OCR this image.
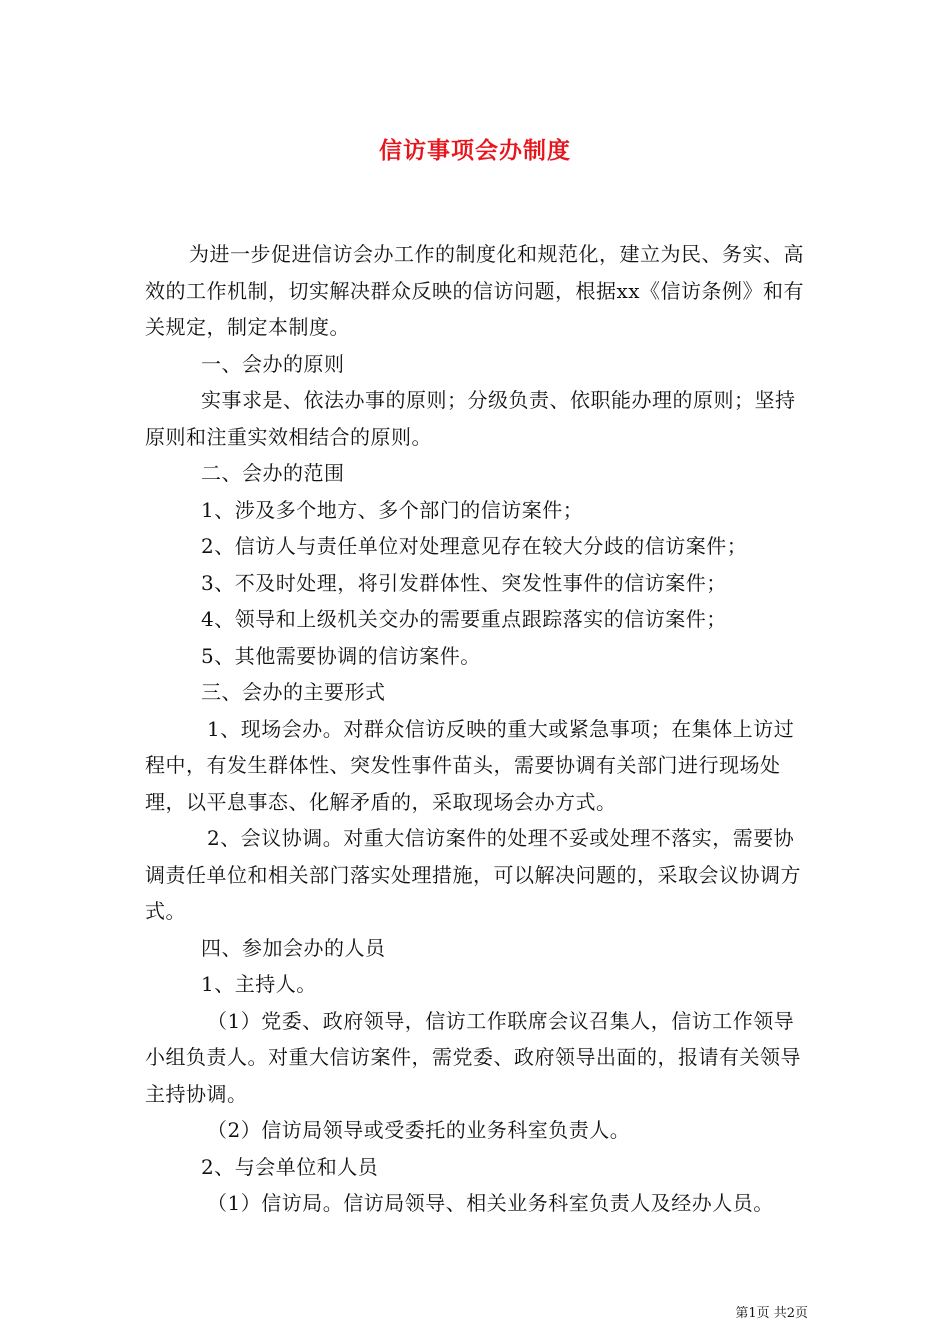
信访事项会办制度

为进一步促进信访会办工作的制度化和规范化，建立为民、务实、高效的工作机制，切实解决群众反映的信访问题，根据xx《信访条例》和有关规定，制定本制度。

一、会办的原则

实事求是、依法办事的原则；分级负责、依职能办理的原则；坚持原则和注重实效相结合的原则。

二、会办的范围

1、涉及多个地方、多个部门的信访案件；

2、信访人与责任单位对处理意见存在较大分歧的信访案件；

3、不及时处理，将引发群体性、突发性事件的信访案件；

4、领导和上级机关交办的需要重点跟踪落实的信访案件；

5、其他需要协调的信访案件。

三、会办的主要形式

1、现场会办。对群众信访反映的重大或紧急事项；在集体上访过程中，有发生群体性、突发性事件苗头，需要协调有关部门进行现场处理，以平息事态、化解矛盾的，采取现场会办方式。

2、会议协调。对重大信访案件的处理不妥或处理不落实，需要协调责任单位和相关部门落实处理措施，可以解决问题的，采取会议协调方式。

四、参加会办的人员

1、主持人。

（1）党委、政府领导，信访工作联席会议召集人，信访工作领导小组负责人。对重大信访案件，需党委、政府领导出面的，报请有关领导主持协调。

（2）信访局领导或受委托的业务科室负责人。

2、与会单位和人员

（1）信访局。信访局领导、相关业务科室负责人及经办人员。

第1页 共2页
